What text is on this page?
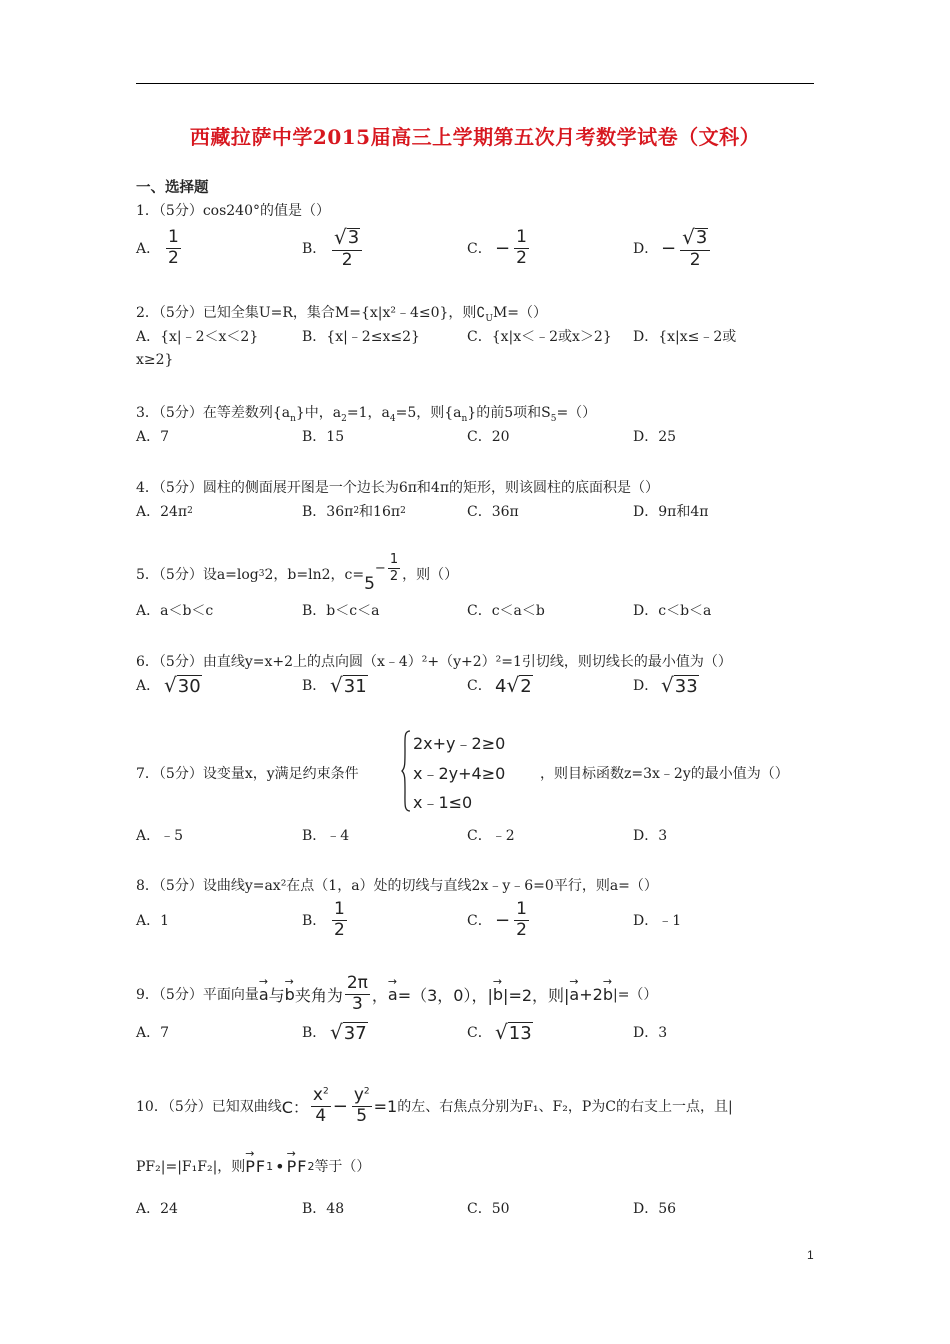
西藏拉萨中学2015届高三上学期第五次月考数学试卷（文科）
一、选择题
1．（5分）cos240°的值是（）
A． $\frac{1}{2}$	B． $\frac{√ 3}{2}$	C． − $\frac{1}{2}$	D． − $\frac{√ 3}{2}$
2．（5分）已知全集U=R，集合M={x|x²﹣4≤0}，则$∁_UM=()$
A．{x|﹣2＜x＜2}	B．{x|﹣2≤x≤2}	C．{x|x＜﹣2或x＞2} D．{x|x≤﹣2或
x≥2}
3．（5分）在等差数列$\{a_n\}$中，$a_2=1$，$a_4=5$，则$\{a_n\}$的前5项和$S_5=()$
A．7	B．15	C．20	D．25
4．（5分）圆柱的侧面展开图是一个边长为6π和4π的矩形，则该圆柱的底面积是（）
A．24π 2	B．36π 2 和16π 2	C．36π	D．9π和4π
5．（5分）设a=log 3 2，b=ln2，c= 5
− $\frac{1}{2}$ ，则（）
A．a＜b＜c	B．b＜c＜a	C．c＜a＜b	D．c＜b＜a
6．（5分）由直线y=x+2上的点向圆（x﹣4）²+（y+2）²=1引切线，则切线长的最小值为（）
A． √ 30	B． √ 31	C． 4 √ 2	D． √ 33
7．（5分）设变量x，y满足约束条件
2x+y﹣2≥0
x﹣2y+4≥0
x﹣1≤0
，则目标函数z=3x﹣2y的最小值为（）
A．﹣5	B．﹣4	C．﹣2	D．3
8．（5分）设曲线y=ax²在点（1，a）处的切线与直线2x﹣y﹣6=0平行，则a=（）
A．1	B． $\frac{1}{2}$	C． − $\frac{1}{2}$	D．﹣1
9．（5分）平面向量 → a 与 → b 夹角为 $\frac{2\pi}{3}$ ， → a =（3，0），| → b |=2，则| → a +2 → b |=（）
A．7	B． √ 37	C． √ 13	D．3
10．（5分）已知双曲线 C： $\frac{x^2}{4} - \frac{y^2}{5} =1$ 的左、右焦点分别为F₁、F₂，P为C的右支上一点，且|
PF₂|=|F₁F₂|，则 → PF 1 • → PF 2 等于（）
A．24	B．48	C．50	D．56
1
